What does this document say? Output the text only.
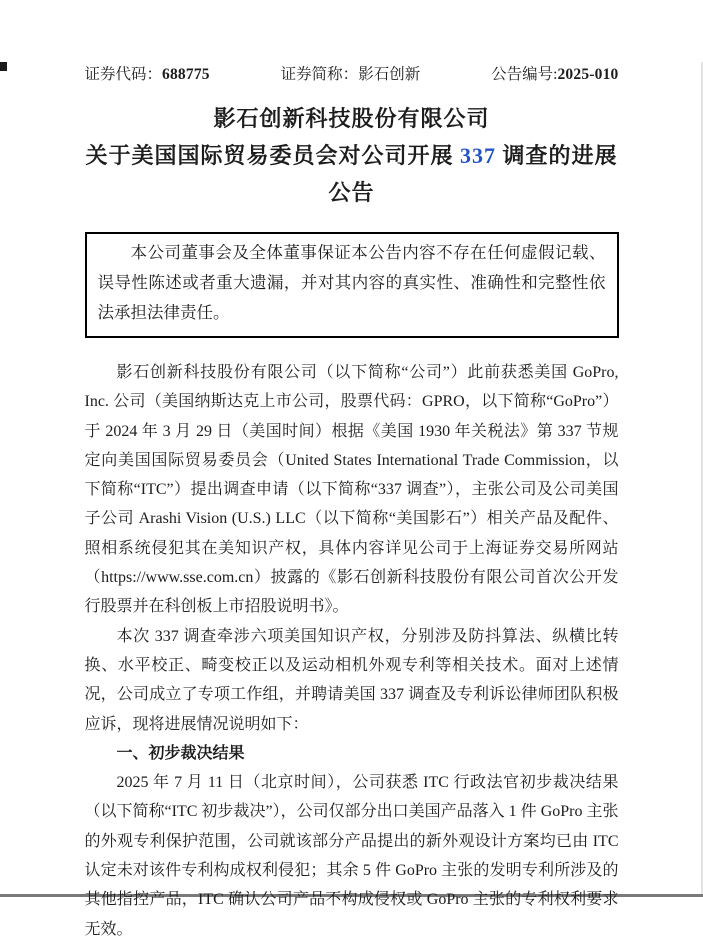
证券代码：688775	证券简称：影石创新	公告编号:2025-010
影石创新科技股份有限公司
关于美国国际贸易委员会对公司开展 337 调查的进展
公告
本公司董事会及全体董事保证本公告内容不存在任何虚假记载、误导性陈述或者重大遗漏，并对其内容的真实性、准确性和完整性依法承担法律责任。

影石创新科技股份有限公司（以下简称“公司”）此前获悉美国 GoPro, Inc. 公司（美国纳斯达克上市公司，股票代码：GPRO，以下简称“GoPro”）于 2024 年 3 月 29 日（美国时间）根据《美国 1930 年关税法》第 337 节规定向美国国际贸易委员会（United States International Trade Commission，以下简称“ITC”）提出调查申请（以下简称“337 调查”），主张公司及公司美国子公司 Arashi Vision (U.S.) LLC（以下简称“美国影石”）相关产品及配件、照相系统侵犯其在美知识产权，具体内容详见公司于上海证券交易所网站（https://www.sse.com.cn）披露的《影石创新科技股份有限公司首次公开发行股票并在科创板上市招股说明书》。

本次 337 调查牵涉六项美国知识产权，分别涉及防抖算法、纵横比转换、水平校正、畸变校正以及运动相机外观专利等相关技术。面对上述情况，公司成立了专项工作组，并聘请美国 337 调查及专利诉讼律师团队积极应诉，现将进展情况说明如下：

一、初步裁决结果

2025 年 7 月 11 日（北京时间），公司获悉 ITC 行政法官初步裁决结果（以下简称“ITC 初步裁决”），公司仅部分出口美国产品落入 1 件 GoPro 主张的外观专利保护范围，公司就该部分产品提出的新外观设计方案均已由 ITC 认定未对该件专利构成权利侵犯；其余 5 件 GoPro 主张的发明专利所涉及的其他指控产品，ITC 确认公司产品不构成侵权或 GoPro 主张的专利权利要求无效。
